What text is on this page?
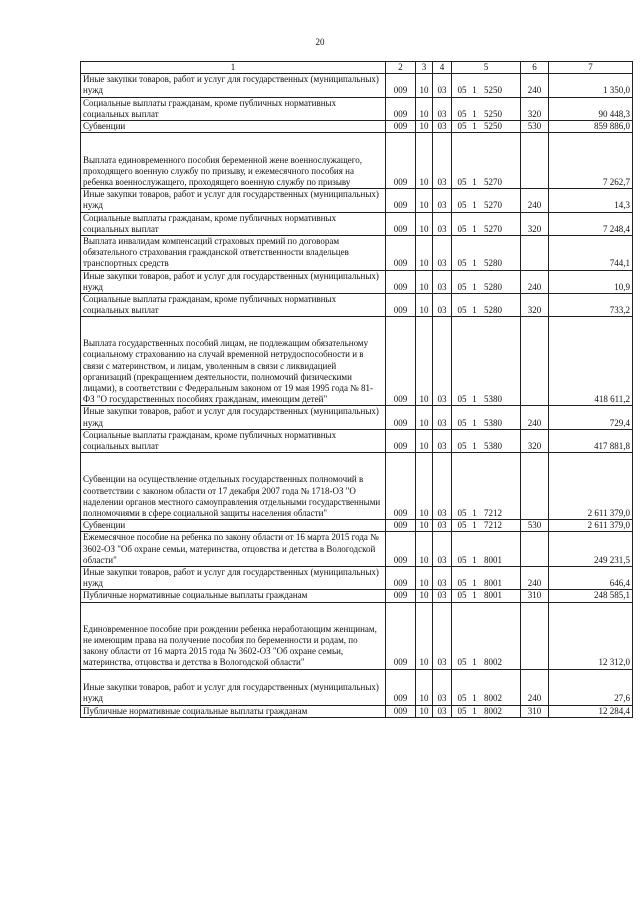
20
1	2	3	4	5	6	7
Иные закупки товаров, работ и услуг для государственных (муниципальных) нужд	009	10	03	05 1 5250	240	1 350,0
Социальные выплаты гражданам, кроме публичных нормативных социальных выплат	009	10	03	05 1 5250	320	90 448,3
Субвенции	009	10	03	05 1 5250	530	859 886,0
Выплата единовременного пособия беременной жене военнослужащего, проходящего военную службу по призыву, и ежемесячного пособия на ребенка военнослужащего, проходящего военную службу по призыву	009	10	03	05 1 5270		7 262,7
Иные закупки товаров, работ и услуг для государственных (муниципальных) нужд	009	10	03	05 1 5270	240	14,3
Социальные выплаты гражданам, кроме публичных нормативных социальных выплат	009	10	03	05 1 5270	320	7 248,4
Выплата инвалидам компенсаций страховых премий по договорам обязательного страхования гражданской ответственности владельцев транспортных средств	009	10	03	05 1 5280		744,1
Иные закупки товаров, работ и услуг для государственных (муниципальных) нужд	009	10	03	05 1 5280	240	10,9
Социальные выплаты гражданам, кроме публичных нормативных социальных выплат	009	10	03	05 1 5280	320	733,2
Выплата государственных пособий лицам, не подлежащим обязательному социальному страхованию на случай временной нетрудоспособности и в связи с материнством, и лицам, уволенным в связи с ликвидацией организаций (прекращением деятельности, полномочий физическими лицами), в соответствии с Федеральным законом от 19 мая 1995 года № 81-ФЗ "О государственных пособиях гражданам, имеющим детей"	009	10	03	05 1 5380		418 611,2
Иные закупки товаров, работ и услуг для государственных (муниципальных) нужд	009	10	03	05 1 5380	240	729,4
Социальные выплаты гражданам, кроме публичных нормативных социальных выплат	009	10	03	05 1 5380	320	417 881,8
Субвенции на осуществление отдельных государственных полномочий в соответствии с законом области от 17 декабря 2007 года № 1718-ОЗ "О наделении органов местного самоуправления отдельными государственными полномочиями в сфере социальной защиты населения области"	009	10	03	05 1 7212		2 611 379,0
Субвенции	009	10	03	05 1 7212	530	2 611 379,0
Ежемесячное пособие на ребенка по закону области от 16 марта 2015 года № 3602-ОЗ "Об охране семьи, материнства, отцовства и детства в Вологодской области"	009	10	03	05 1 8001		249 231,5
Иные закупки товаров, работ и услуг для государственных (муниципальных) нужд	009	10	03	05 1 8001	240	646,4
Публичные нормативные социальные выплаты гражданам	009	10	03	05 1 8001	310	248 585,1
Единовременное пособие при рождении ребенка неработающим женщинам, не имеющим права на получение пособия по беременности и родам, по закону области от 16 марта 2015 года № 3602-ОЗ "Об охране семьи, материнства, отцовства и детства в Вологодской области"	009	10	03	05 1 8002		12 312,0
Иные закупки товаров, работ и услуг для государственных (муниципальных) нужд	009	10	03	05 1 8002	240	27,6
Публичные нормативные социальные выплаты гражданам	009	10	03	05 1 8002	310	12 284,4
